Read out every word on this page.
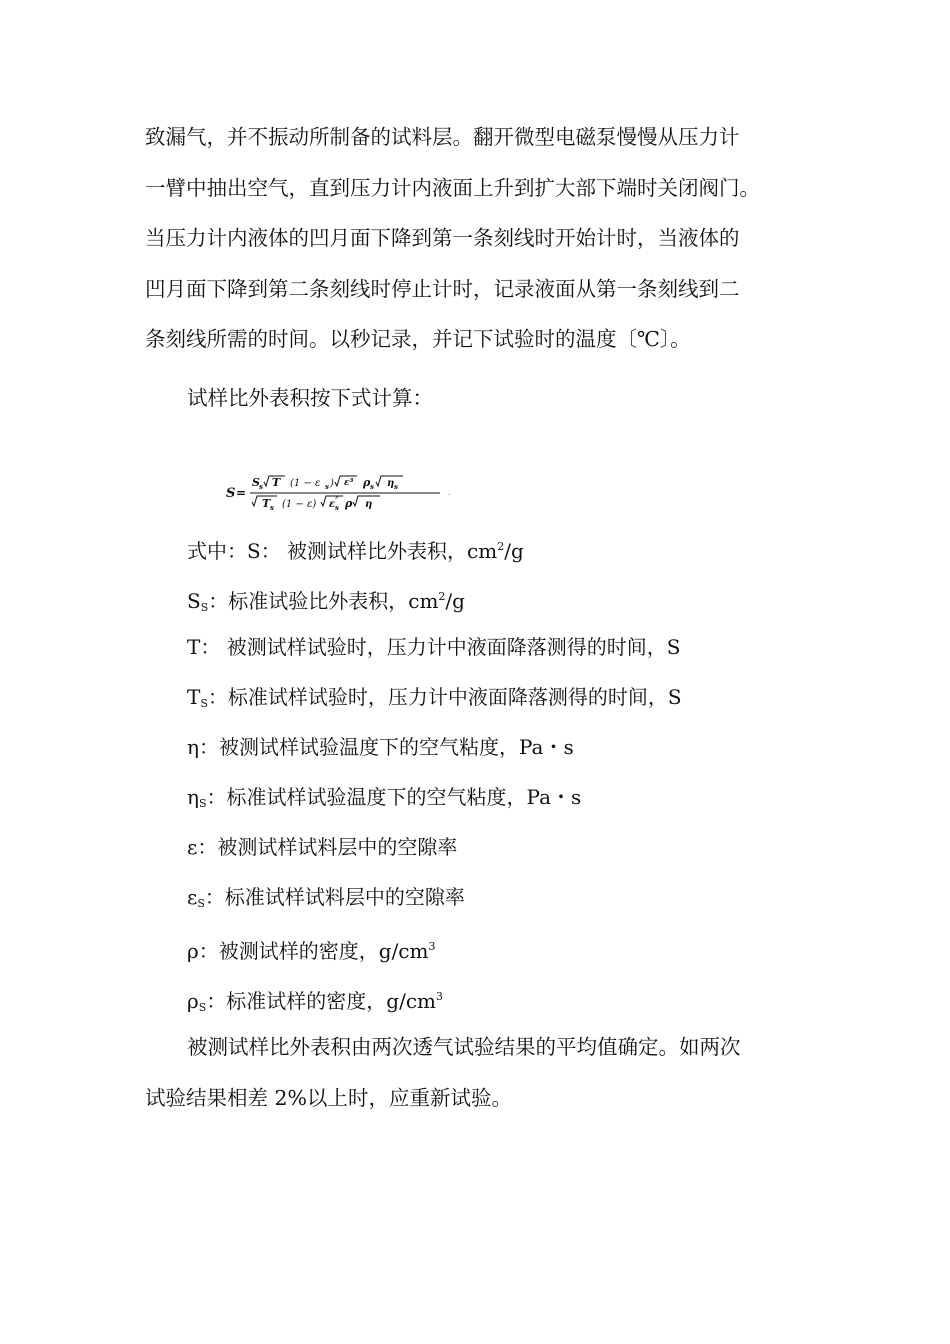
致漏气，并不振动所制备的试料层。翻开微型电磁泵慢慢从压力计
一臂中抽出空气，直到压力计内液面上升到扩大部下端时关闭阀门。
当压力计内液体的凹月面下降到第一条刻线时开始计时，当液体的
凹月面下降到第二条刻线时停止计时，记录液面从第一条刻线到二
条刻线所需的时间。以秒记录，并记下试验时的温度〔℃〕。

试样比外表积按下式计算：

S =
S s T (1 − ε s ) ε³ ρ s η s
T s (1 − ε) ε s
³ ρ η
·
式中：S： 被测试样比外表积，$cm^2/g$
$S_S$：标准试验比外表积，$cm^2/g$
T： 被测试样试验时，压力计中液面降落测得的时间，S
$T_S$：标准试样试验时，压力计中液面降落测得的时间，S
η：被测试样试验温度下的空气粘度，Pa・s
$\eta_S$：标准试样试验温度下的空气粘度，Pa・s
ε：被测试样试料层中的空隙率
$\varepsilon_S$：标准试样试料层中的空隙率
ρ：被测试样的密度，$g/cm^3$
$\rho_S$：标准试样的密度，$g/cm^3$
被测试样比外表积由两次透气试验结果的平均值确定。如两次
试验结果相差 2%以上时，应重新试验。
